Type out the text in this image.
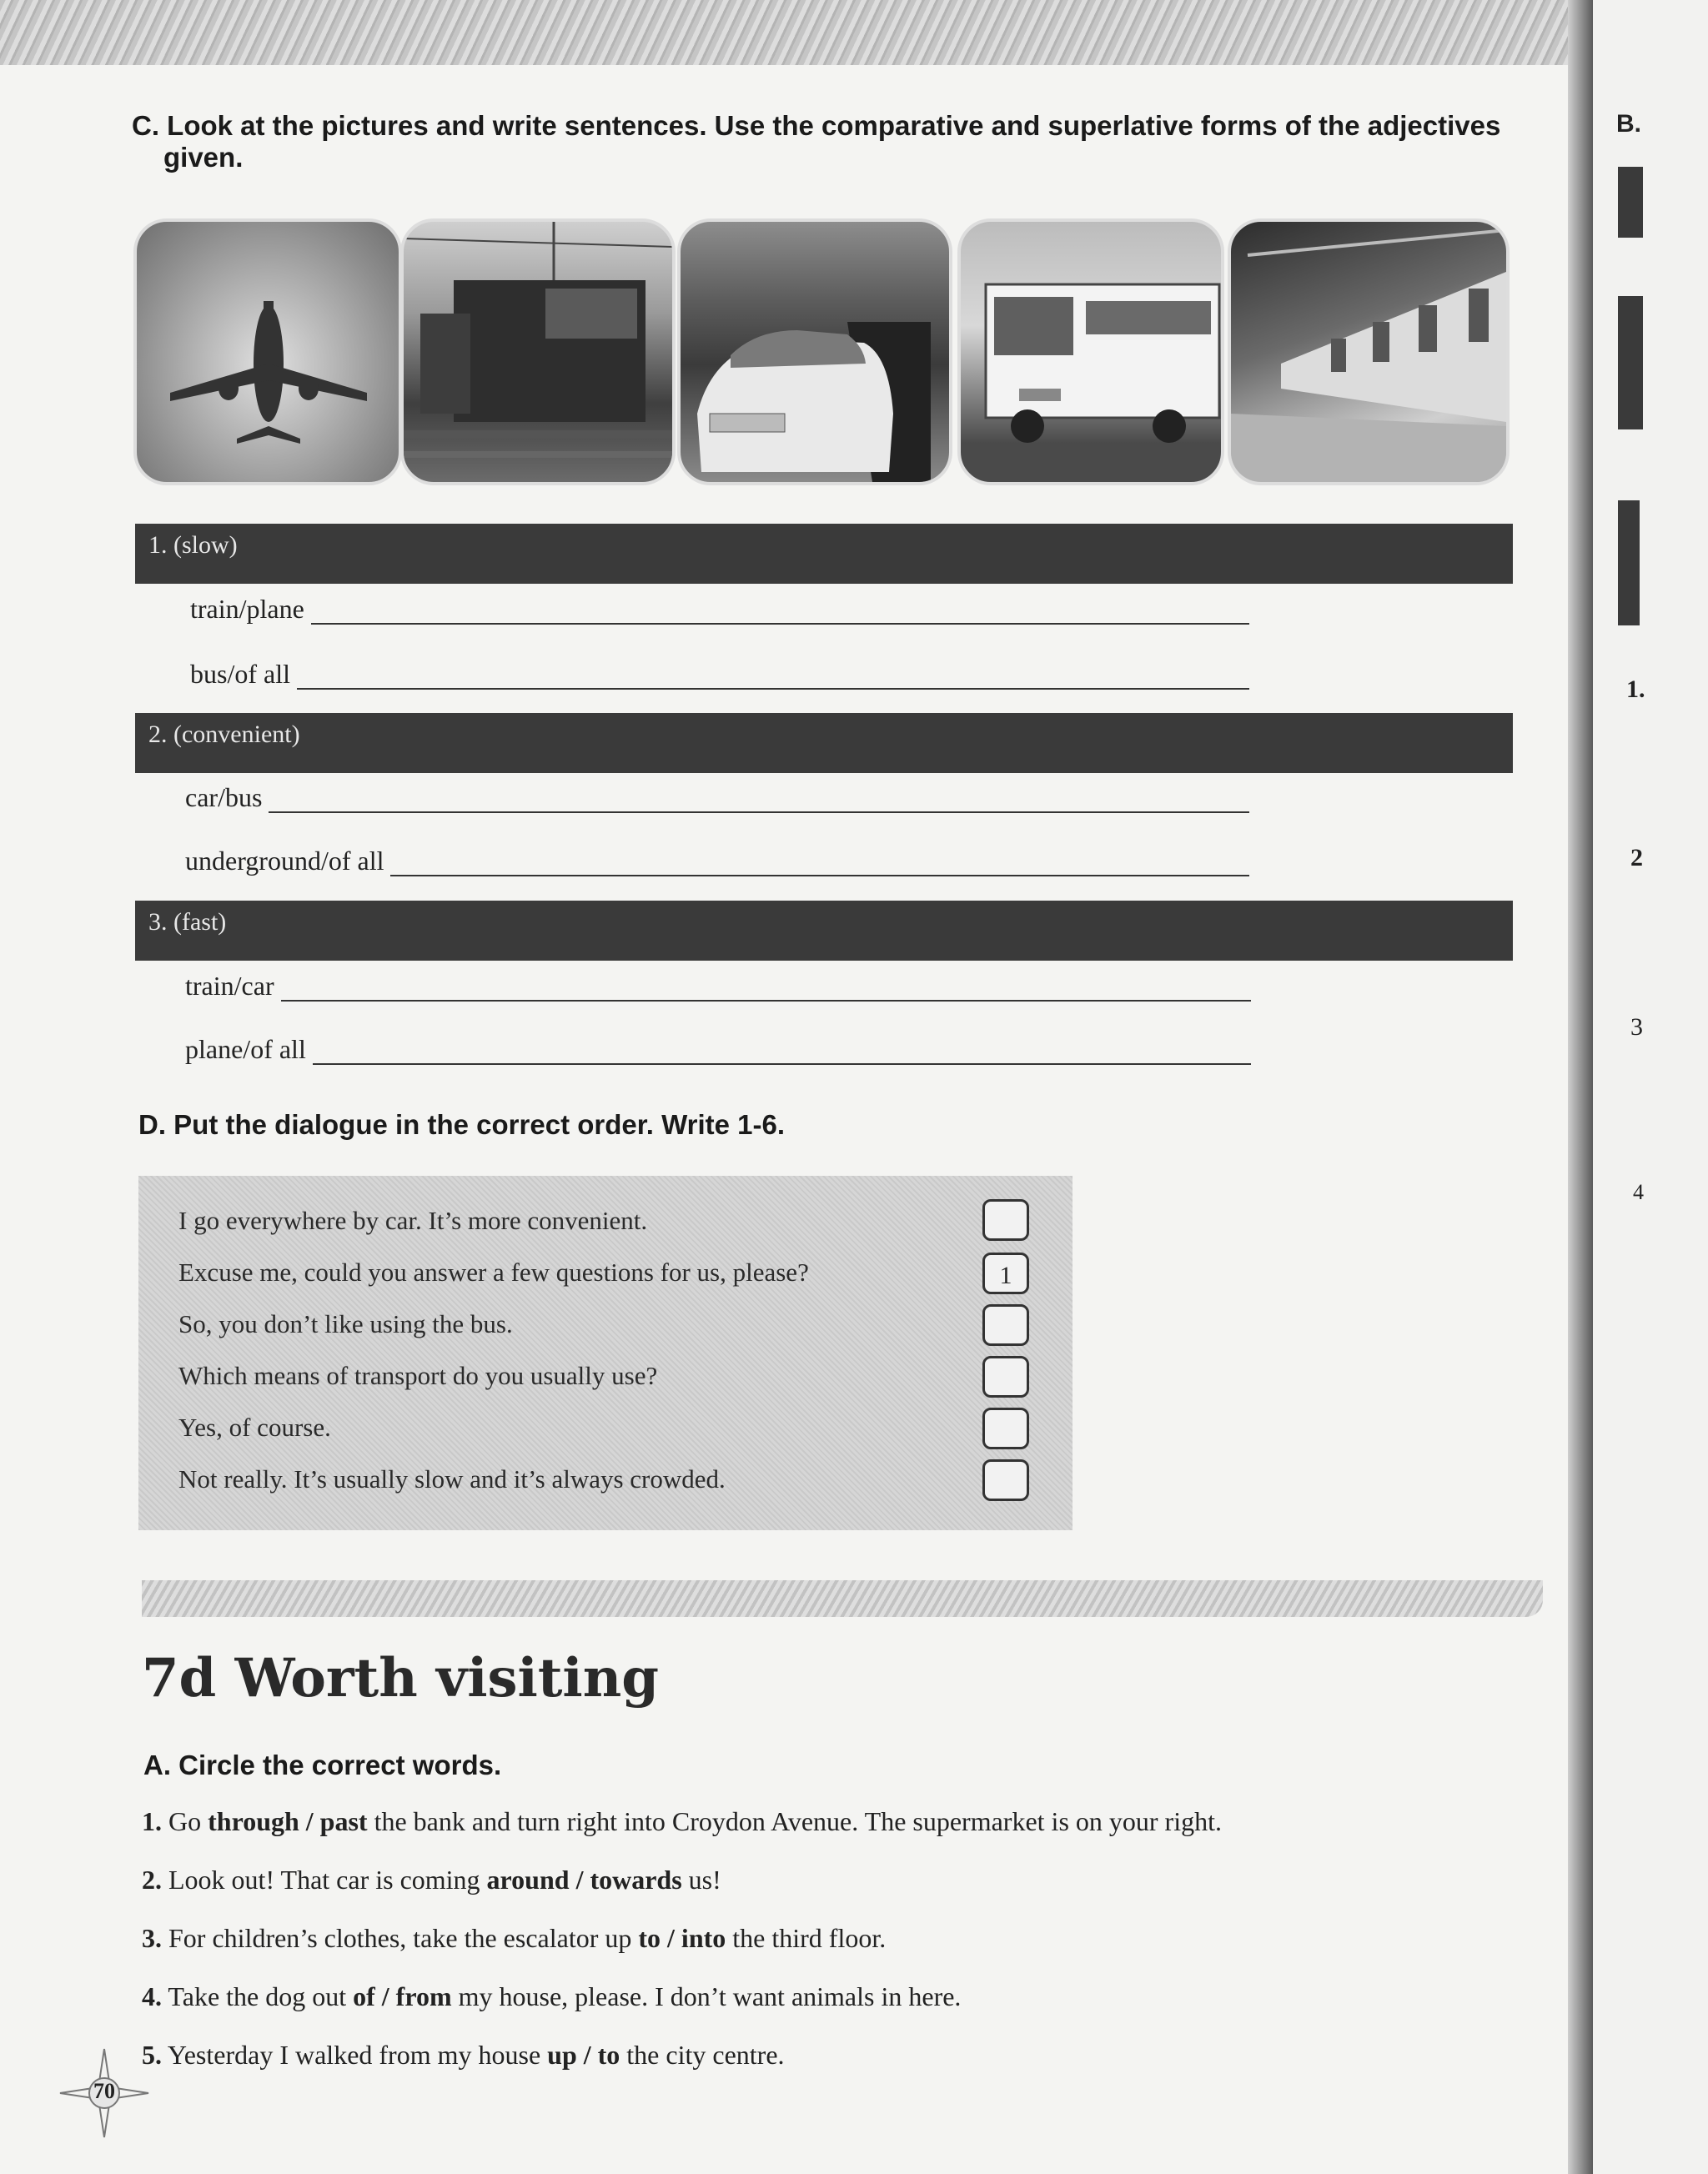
C. Look at the pictures and write sentences. Use the comparative and superlative forms of the adjectives
given.
1. (slow)
train/plane
bus/of all
2. (convenient)
car/bus
underground/of all
3. (fast)
train/car
plane/of all
D. Put the dialogue in the correct order. Write 1-6.
I go everywhere by car. It’s more convenient.
Excuse me, could you answer a few questions for us, please?	1
So, you don’t like using the bus.
Which means of transport do you usually use?
Yes, of course.
Not really. It’s usually slow and it’s always crowded.
7d Worth visiting
A. Circle the correct words.
1. Go through / past the bank and turn right into Croydon Avenue. The supermarket is on your right.
2. Look out! That car is coming around / towards us!
3. For children’s clothes, take the escalator up to / into the third floor.
4. Take the dog out of / from my house, please. I don’t want animals in here.
5. Yesterday I walked from my house up / to the city centre.
70
B.
1.
2
3
4
